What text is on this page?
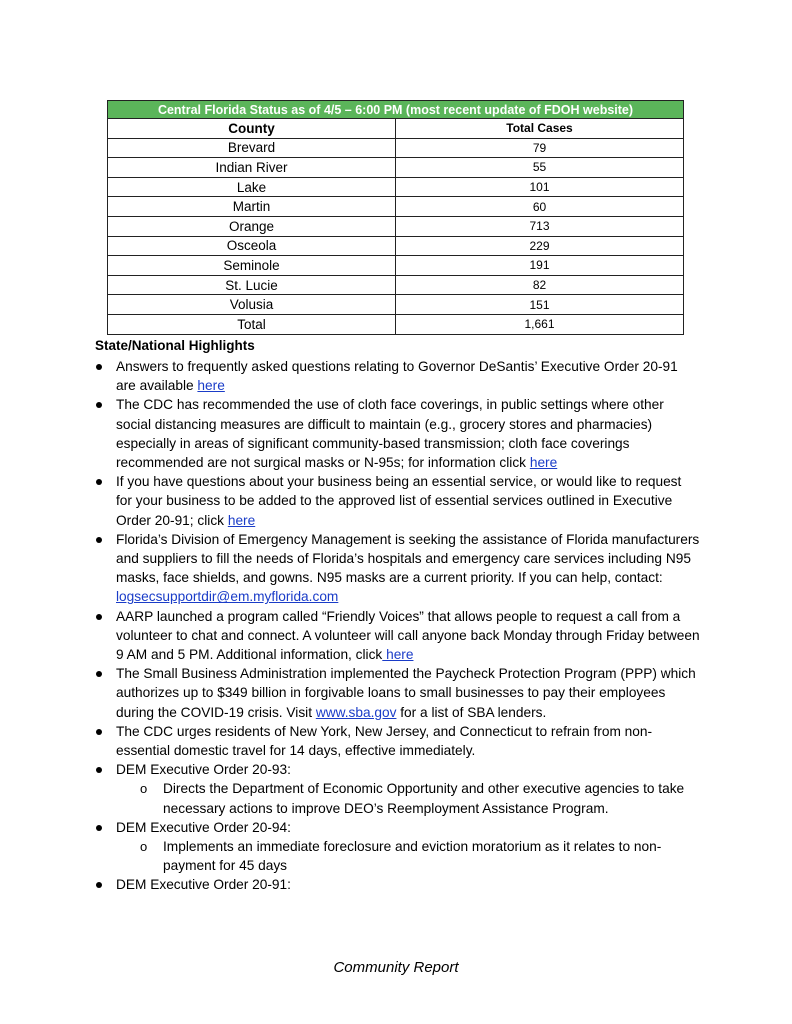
Central Florida Status as of 4/5 – 6:00 PM (most recent update of FDOH website)	
County	Total Cases
Brevard	79
Indian River	55
Lake	101
Martin	60
Orange	713
Osceola	229
Seminole	191
St. Lucie	82
Volusia	151
Total	1,661
State/National Highlights
Answers to frequently asked questions relating to Governor DeSantis’ Executive Order 20-91 are available here
The CDC has recommended the use of cloth face coverings, in public settings where other social distancing measures are difficult to maintain (e.g., grocery stores and pharmacies) especially in areas of significant community-based transmission; cloth face coverings recommended are not surgical masks or N-95s; for information click here
If you have questions about your business being an essential service, or would like to request for your business to be added to the approved list of essential services outlined in Executive Order 20-91; click here
Florida’s Division of Emergency Management is seeking the assistance of Florida manufacturers and suppliers to fill the needs of Florida’s hospitals and emergency care services including N95 masks, face shields, and gowns. N95 masks are a current priority. If you can help, contact: logsecsupportdir@em.myflorida.com
AARP launched a program called “Friendly Voices” that allows people to request a call from a volunteer to chat and connect. A volunteer will call anyone back Monday through Friday between 9 AM and 5 PM. Additional information, click here
The Small Business Administration implemented the Paycheck Protection Program (PPP) which authorizes up to $349 billion in forgivable loans to small businesses to pay their employees during the COVID-19 crisis. Visit www.sba.gov for a list of SBA lenders.
The CDC urges residents of New York, New Jersey, and Connecticut to refrain from non-essential domestic travel for 14 days, effective immediately.
DEM Executive Order 20-93:
o Directs the Department of Economic Opportunity and other executive agencies to take necessary actions to improve DEO’s Reemployment Assistance Program.
DEM Executive Order 20-94:
o Implements an immediate foreclosure and eviction moratorium as it relates to non-payment for 45 days
DEM Executive Order 20-91:
Community Report
